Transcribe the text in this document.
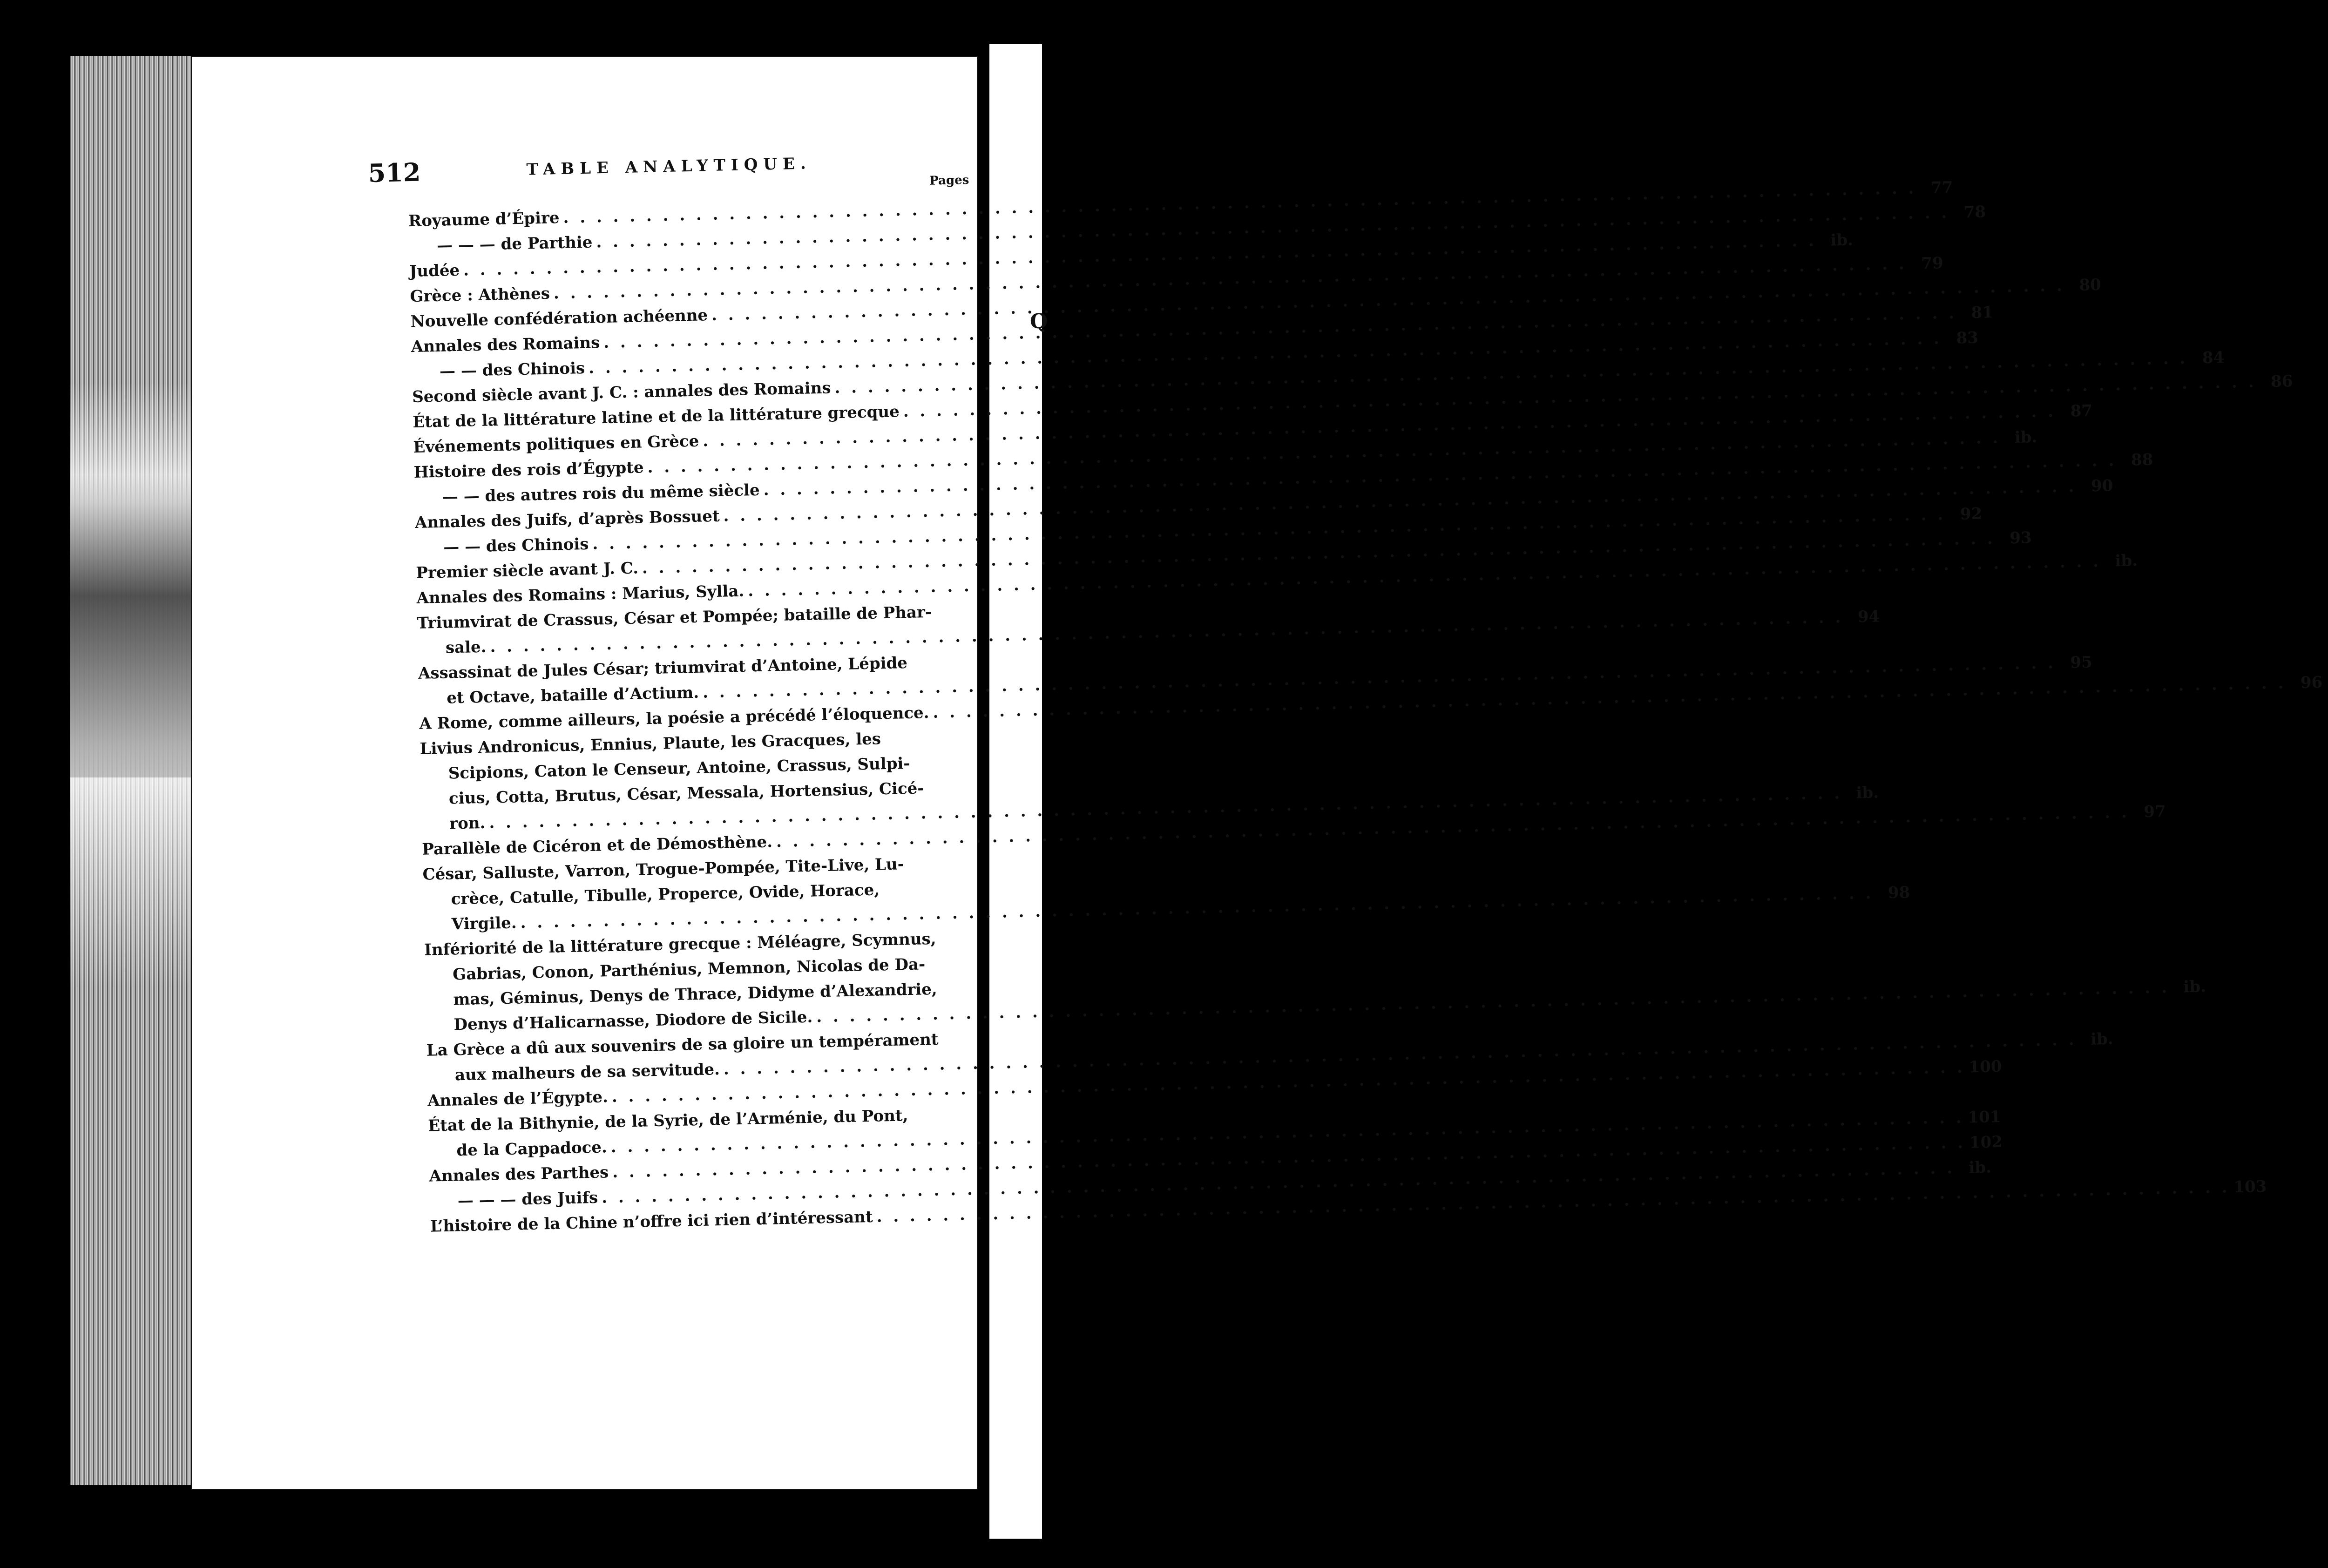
Q
512	TABLE ANALYTIQUE.
Pages
Royaume d’Épire
. . .
77
— — — de Parthie
. . .
78
Judée
. . .
ib.
Grèce : Athènes
. . .
79
Nouvelle confédération achéenne
. . .
80
Annales des Romains
. . .
81
— — des Chinois
. . .
83
Second siècle avant J. C. : annales des Romains
. . .
84
État de la littérature latine et de la littérature grecque
. . .
86
Événements politiques en Grèce
. . .
87
Histoire des rois d’Égypte
. . .
ib.
— — des autres rois du même siècle
. . .
88
Annales des Juifs, d’après Bossuet
. . .
90
— — des Chinois
. . .
92
Premier siècle avant J. C.
. . .
93
Annales des Romains : Marius, Sylla.
. . .
ib.
Triumvirat de Crassus, César et Pompée; bataille de Phar-
sale.
. . .
94
Assassinat de Jules César; triumvirat d’Antoine, Lépide
et Octave, bataille d’Actium.
. . .
95
A Rome, comme ailleurs, la poésie a précédé l’éloquence.
. . .
96
Livius Andronicus, Ennius, Plaute, les Gracques, les
Scipions, Caton le Censeur, Antoine, Crassus, Sulpi-
cius, Cotta, Brutus, César, Messala, Hortensius, Cicé-
ron.
. . .
ib.
Parallèle de Cicéron et de Démosthène.
. . .
97
César, Salluste, Varron, Trogue-Pompée, Tite-Live, Lu-
crèce, Catulle, Tibulle, Properce, Ovide, Horace,
Virgile.
. . .
98
Infériorité de la littérature grecque : Méléagre, Scymnus,
Gabrias, Conon, Parthénius, Memnon, Nicolas de Da-
mas, Géminus, Denys de Thrace, Didyme d’Alexandrie,
Denys d’Halicarnasse, Diodore de Sicile.
. . .
ib.
La Grèce a dû aux souvenirs de sa gloire un tempérament
aux malheurs de sa servitude.
. . .
ib.
Annales de l’Égypte.
. . .
100
État de la Bithynie, de la Syrie, de l’Arménie, du Pont,
de la Cappadoce.
. . .
101
Annales des Parthes
. . .
102
— — — des Juifs
. . .
ib.
L’histoire de la Chine n’offre ici rien d’intéressant
. . .
103
